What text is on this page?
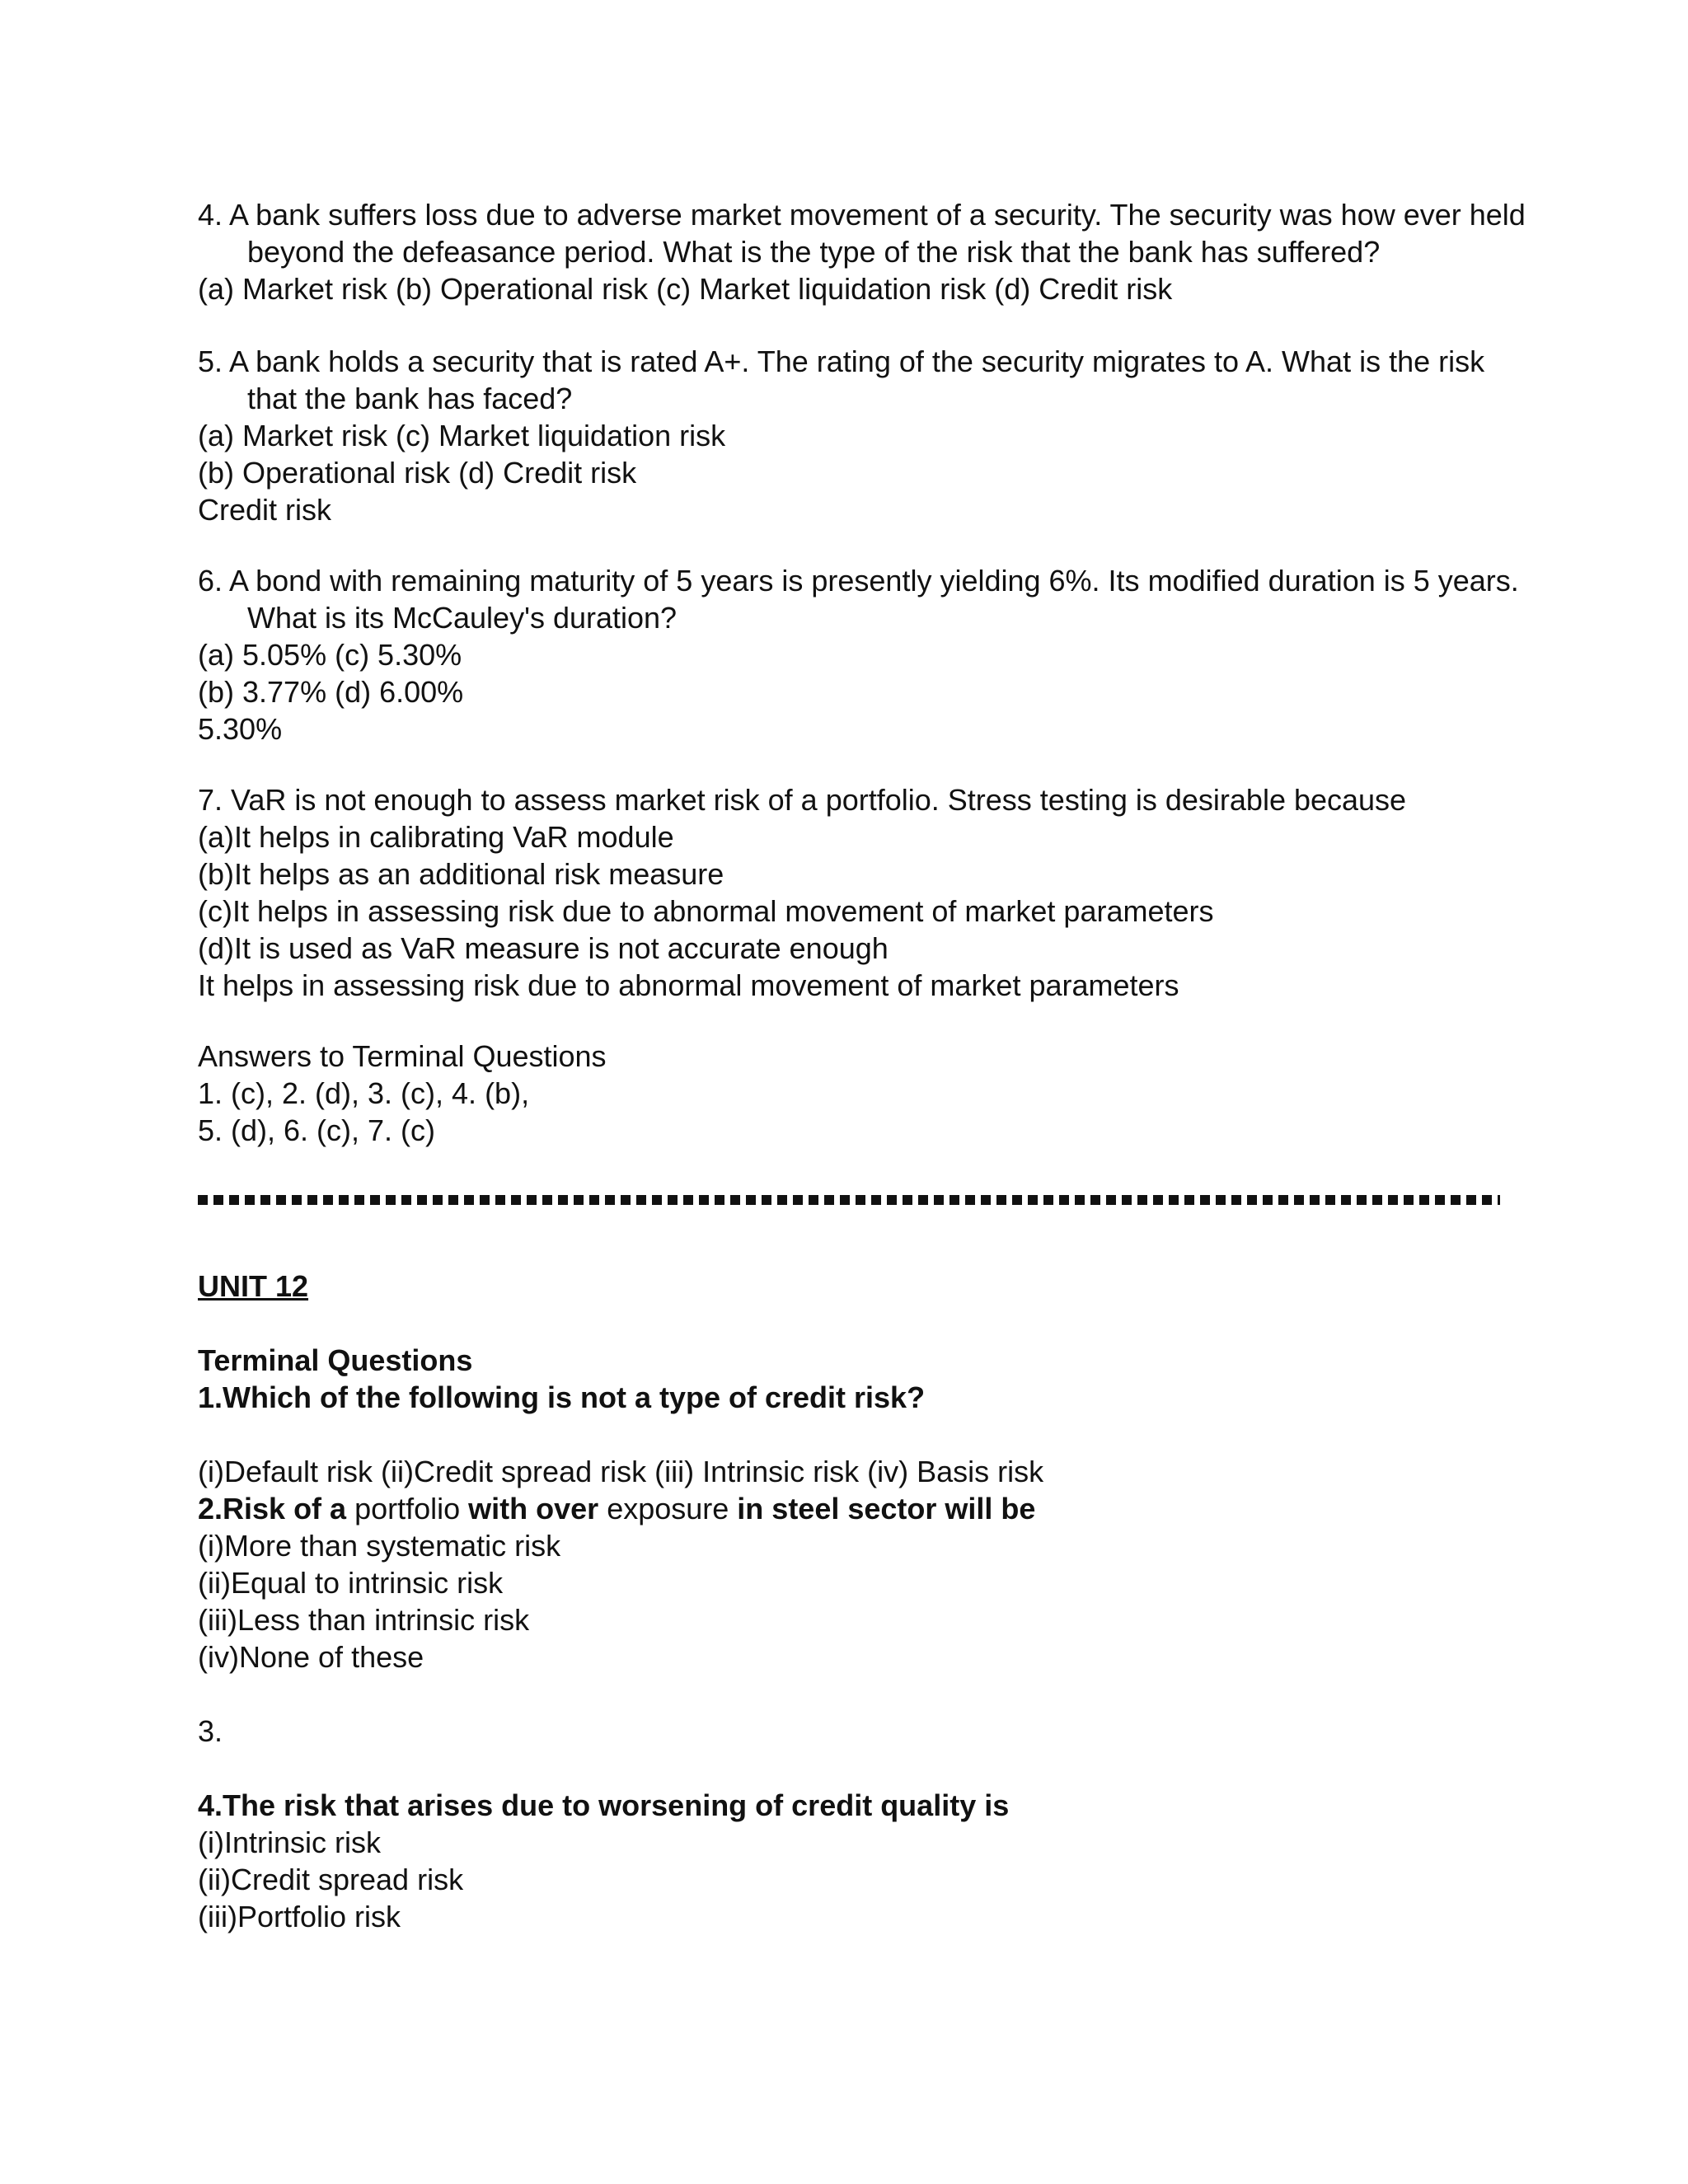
4. A bank suffers loss due to adverse market movement of a security. The security was how ever held
beyond the defeasance period. What is the type of the risk that the bank has suffered?
(a) Market risk (b) Operational risk (c) Market liquidation risk (d) Credit risk
5. A bank holds a security that is rated A+. The rating of the security migrates to A. What is the risk
that the bank has faced?
(a) Market risk (c) Market liquidation risk
(b) Operational risk (d) Credit risk
Credit risk
6. A bond with remaining maturity of 5 years is presently yielding 6%. Its modified duration is 5 years.
What is its McCauley's duration?
(a) 5.05% (c) 5.30%
(b) 3.77% (d) 6.00%
5.30%
7. VaR is not enough to assess market risk of a portfolio. Stress testing is desirable because
(a)It helps in calibrating VaR module
(b)It helps as an additional risk measure
(c)It helps in assessing risk due to abnormal movement of market parameters
(d)It is used as VaR measure is not accurate enough
It helps in assessing risk due to abnormal movement of market parameters
Answers to Terminal Questions
1. (c), 2. (d), 3. (c), 4. (b),
5. (d), 6. (c), 7. (c)
UNIT 12

Terminal Questions
1.Which of the following is not a type of credit risk?

(i)Default risk (ii)Credit spread risk (iii) Intrinsic risk (iv) Basis risk
2.Risk of a portfolio with over exposure in steel sector will be
(i)More than systematic risk
(ii)Equal to intrinsic risk
(iii)Less than intrinsic risk
(iv)None of these

3.

4.The risk that arises due to worsening of credit quality is
(i)Intrinsic risk
(ii)Credit spread risk
(iii)Portfolio risk
